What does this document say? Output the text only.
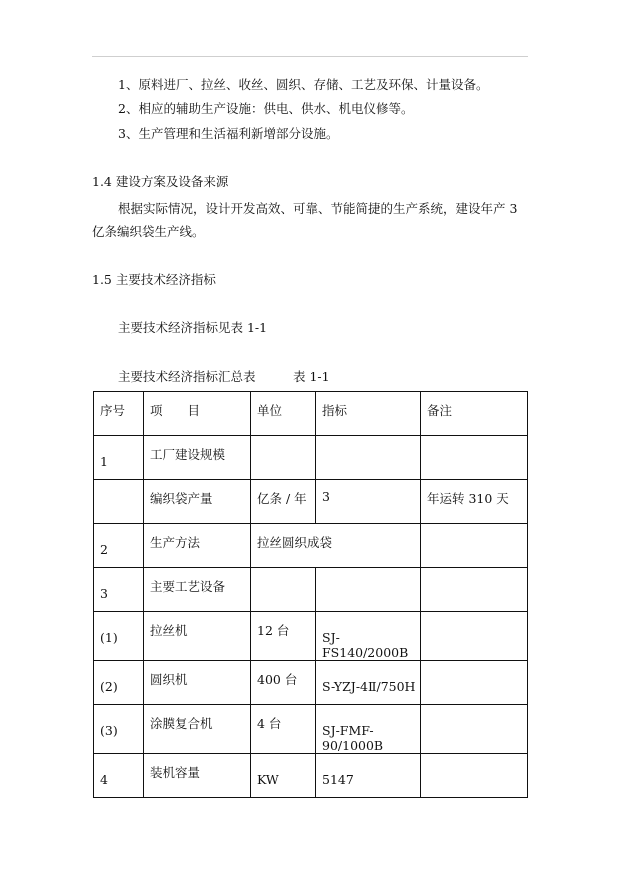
1、原料进厂、拉丝、收丝、圆织、存储、工艺及环保、计量设备。
2、相应的辅助生产设施：供电、供水、机电仪修等。
3、生产管理和生活福利新增部分设施。
1.4 建设方案及设备来源
根据实际情况，设计开发高效、可靠、节能简捷的生产系统，建设年产 3
亿条编织袋生产线。
1.5 主要技术经济指标
主要技术经济指标见表 1-1
主要技术经济指标汇总表	表 1-1
序号	项　　目	单位	指标	备注

1	工厂建设规模			

	编织袋产量	亿条 / 年	3	年运转 310 天

2	生产方法	拉丝圆织成袋		

3	主要工艺设备			

(1)	拉丝机	12 台	SJ-FS140/2000B	

(2)	圆织机	400 台	S-YZJ-4Ⅱ/750H	

(3)	涂膜复合机	4 台	SJ-FMF-90/1000B	

4	装机容量	KW	5147	
